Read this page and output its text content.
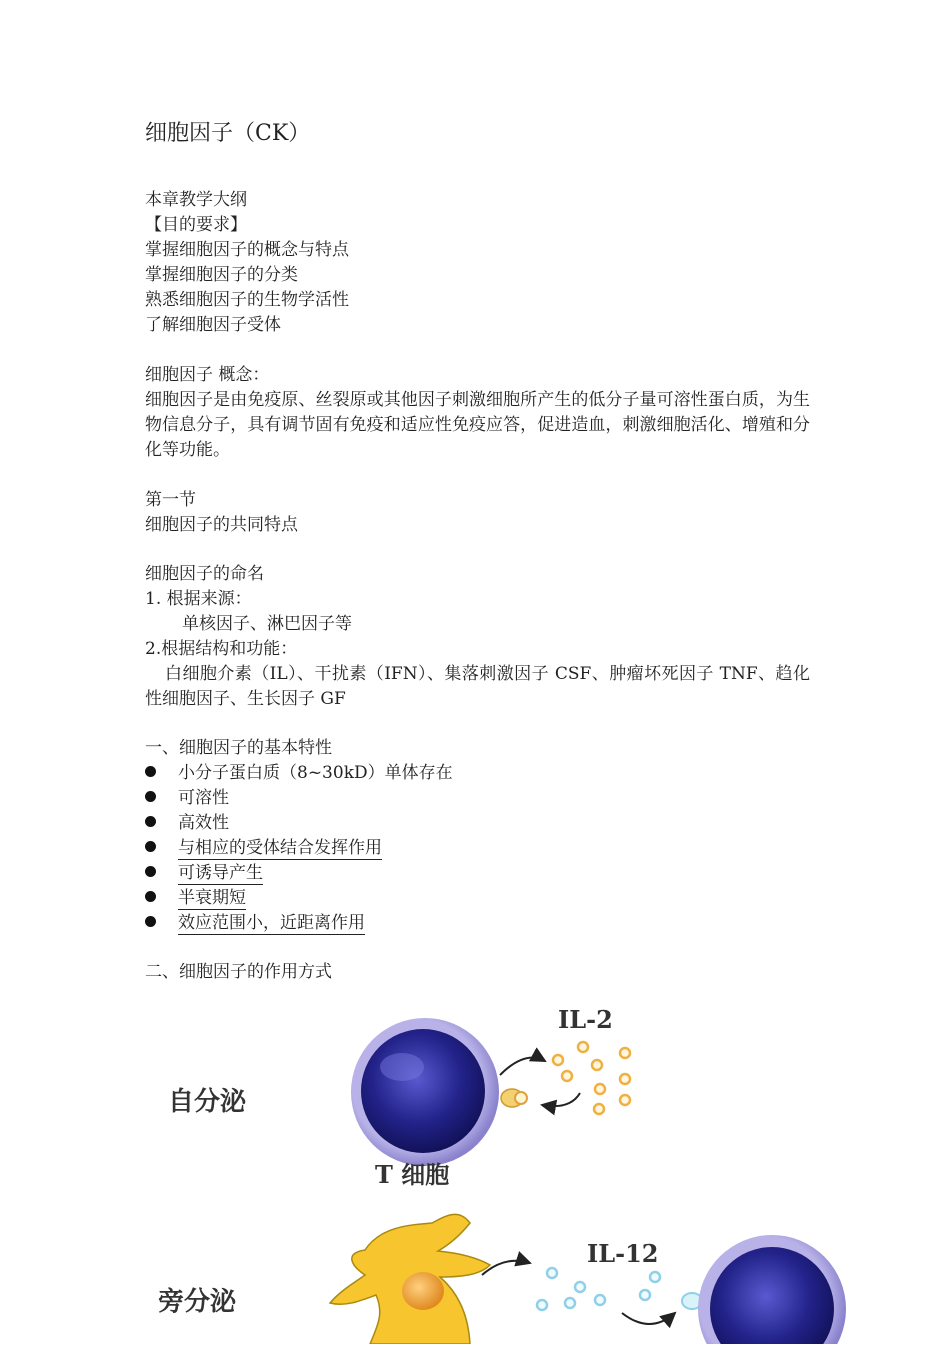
细胞因子（CK）
本章教学大纲
【目的要求】
掌握细胞因子的概念与特点
掌握细胞因子的分类
熟悉细胞因子的生物学活性
了解细胞因子受体
细胞因子 概念：
细胞因子是由免疫原、丝裂原或其他因子刺激细胞所产生的低分子量可溶性蛋白质，为生物信息分子，具有调节固有免疫和适应性免疫应答，促进造血，刺激细胞活化、增殖和分化等功能。
第一节
细胞因子的共同特点
细胞因子的命名
1. 根据来源：
单核因子、淋巴因子等
2.根据结构和功能：
白细胞介素（IL）、干扰素（IFN）、集落刺激因子 CSF、肿瘤坏死因子 TNF、趋化性细胞因子、生长因子 GF
一、细胞因子的基本特性
小分子蛋白质（8~30kD）单体存在
可溶性
高效性
与相应的受体结合发挥作用
可诱导产生
半衰期短
效应范围小，近距离作用
二、细胞因子的作用方式
自分泌
IL-2
T 细胞
旁分泌
IL-12
